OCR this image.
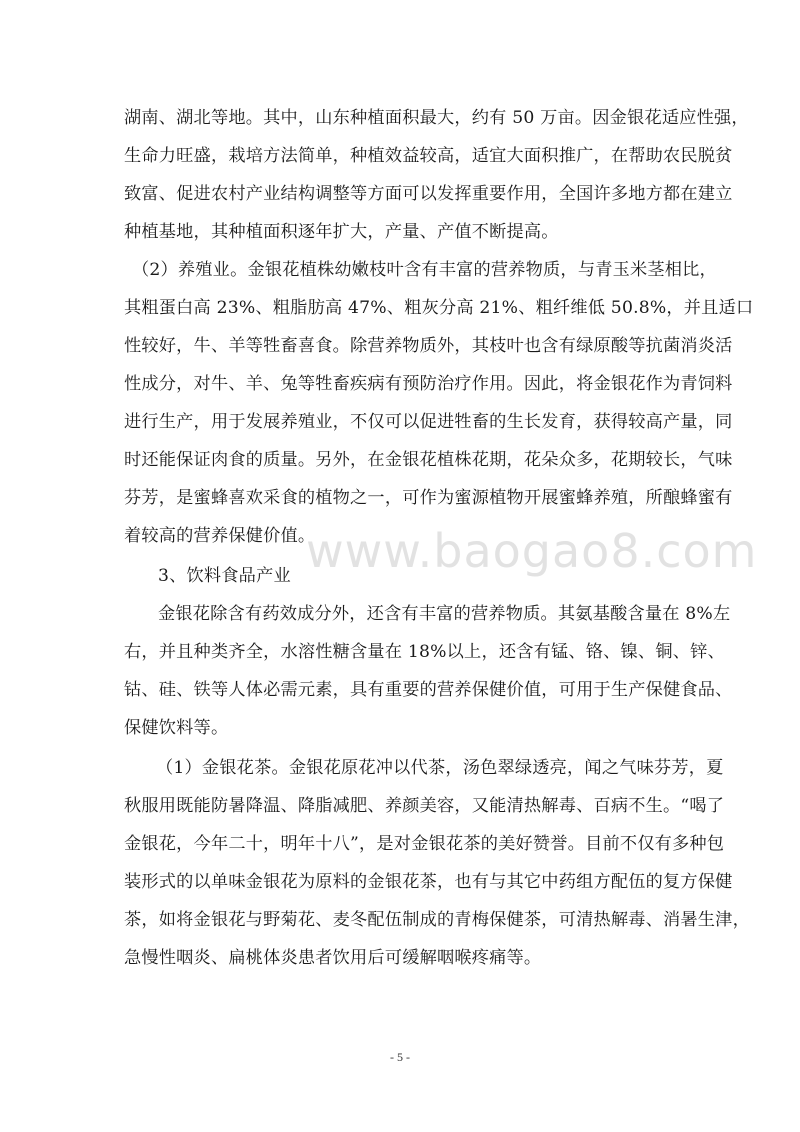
www.baogao8.com
湖南、湖北等地。其中，山东种植面积最大，约有 50 万亩。因金银花适应性强，
生命力旺盛，栽培方法简单，种植效益较高，适宜大面积推广，在帮助农民脱贫
致富、促进农村产业结构调整等方面可以发挥重要作用，全国许多地方都在建立
种植基地，其种植面积逐年扩大，产量、产值不断提高。
（2）养殖业。金银花植株幼嫩枝叶含有丰富的营养物质，与青玉米茎相比，
其粗蛋白高 23%、粗脂肪高 47%、粗灰分高 21%、粗纤维低 50.8%，并且适口
性较好，牛、羊等牲畜喜食。除营养物质外，其枝叶也含有绿原酸等抗菌消炎活
性成分，对牛、羊、兔等牲畜疾病有预防治疗作用。因此，将金银花作为青饲料
进行生产，用于发展养殖业，不仅可以促进牲畜的生长发育，获得较高产量，同
时还能保证肉食的质量。另外，在金银花植株花期，花朵众多，花期较长，气味
芬芳，是蜜蜂喜欢采食的植物之一，可作为蜜源植物开展蜜蜂养殖，所酿蜂蜜有
着较高的营养保健价值。
3、饮料食品产业
金银花除含有药效成分外，还含有丰富的营养物质。其氨基酸含量在 8%左
右，并且种类齐全，水溶性糖含量在 18%以上，还含有锰、铬、镍、铜、锌、
钴、硅、铁等人体必需元素，具有重要的营养保健价值，可用于生产保健食品、
保健饮料等。
（1）金银花茶。金银花原花冲以代茶，汤色翠绿透亮，闻之气味芬芳，夏
秋服用既能防暑降温、降脂减肥、养颜美容，又能清热解毒、百病不生。“喝了
金银花，今年二十，明年十八”，是对金银花茶的美好赞誉。目前不仅有多种包
装形式的以单味金银花为原料的金银花茶，也有与其它中药组方配伍的复方保健
茶，如将金银花与野菊花、麦冬配伍制成的青梅保健茶，可清热解毒、消暑生津，
急慢性咽炎、扁桃体炎患者饮用后可缓解咽喉疼痛等。
- 5 -
